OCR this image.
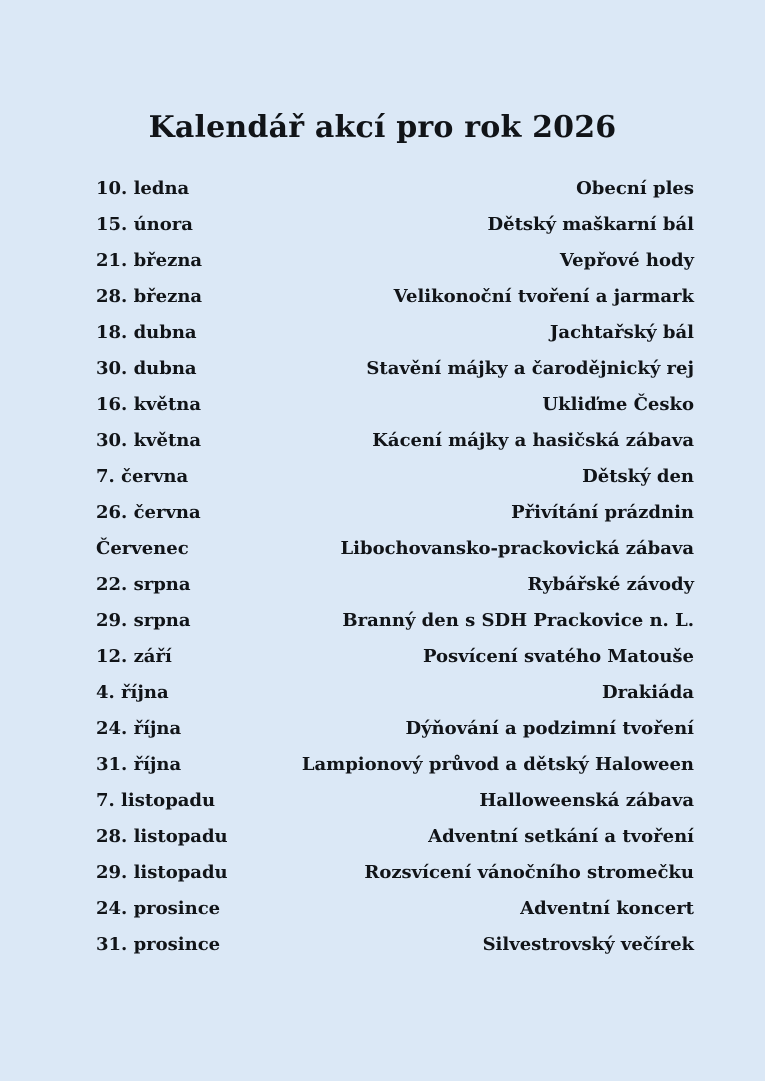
Kalendář akcí pro rok 2026
10. ledna	Obecní ples
15. února	Dětský maškarní bál
21. března	Vepřové hody
28. března	Velikonoční tvoření a jarmark
18. dubna	Jachtařský bál
30. dubna	Stavění májky a čarodějnický rej
16. května	Ukliďme Česko
30. května	Kácení májky a hasičská zábava
7. června	Dětský den
26. června	Přivítání prázdnin
Červenec	Libochovansko-prackovická zábava
22. srpna	Rybářské závody
29. srpna	Branný den s SDH Prackovice n. L.
12. září	Posvícení svatého Matouše
4. října	Drakiáda
24. října	Dýňování a podzimní tvoření
31. října	Lampionový průvod a dětský Haloween
7. listopadu	Halloweenská zábava
28. listopadu	Adventní setkání a tvoření
29. listopadu	Rozsvícení vánočního stromečku
24. prosince	Adventní koncert
31. prosince	Silvestrovský večírek
